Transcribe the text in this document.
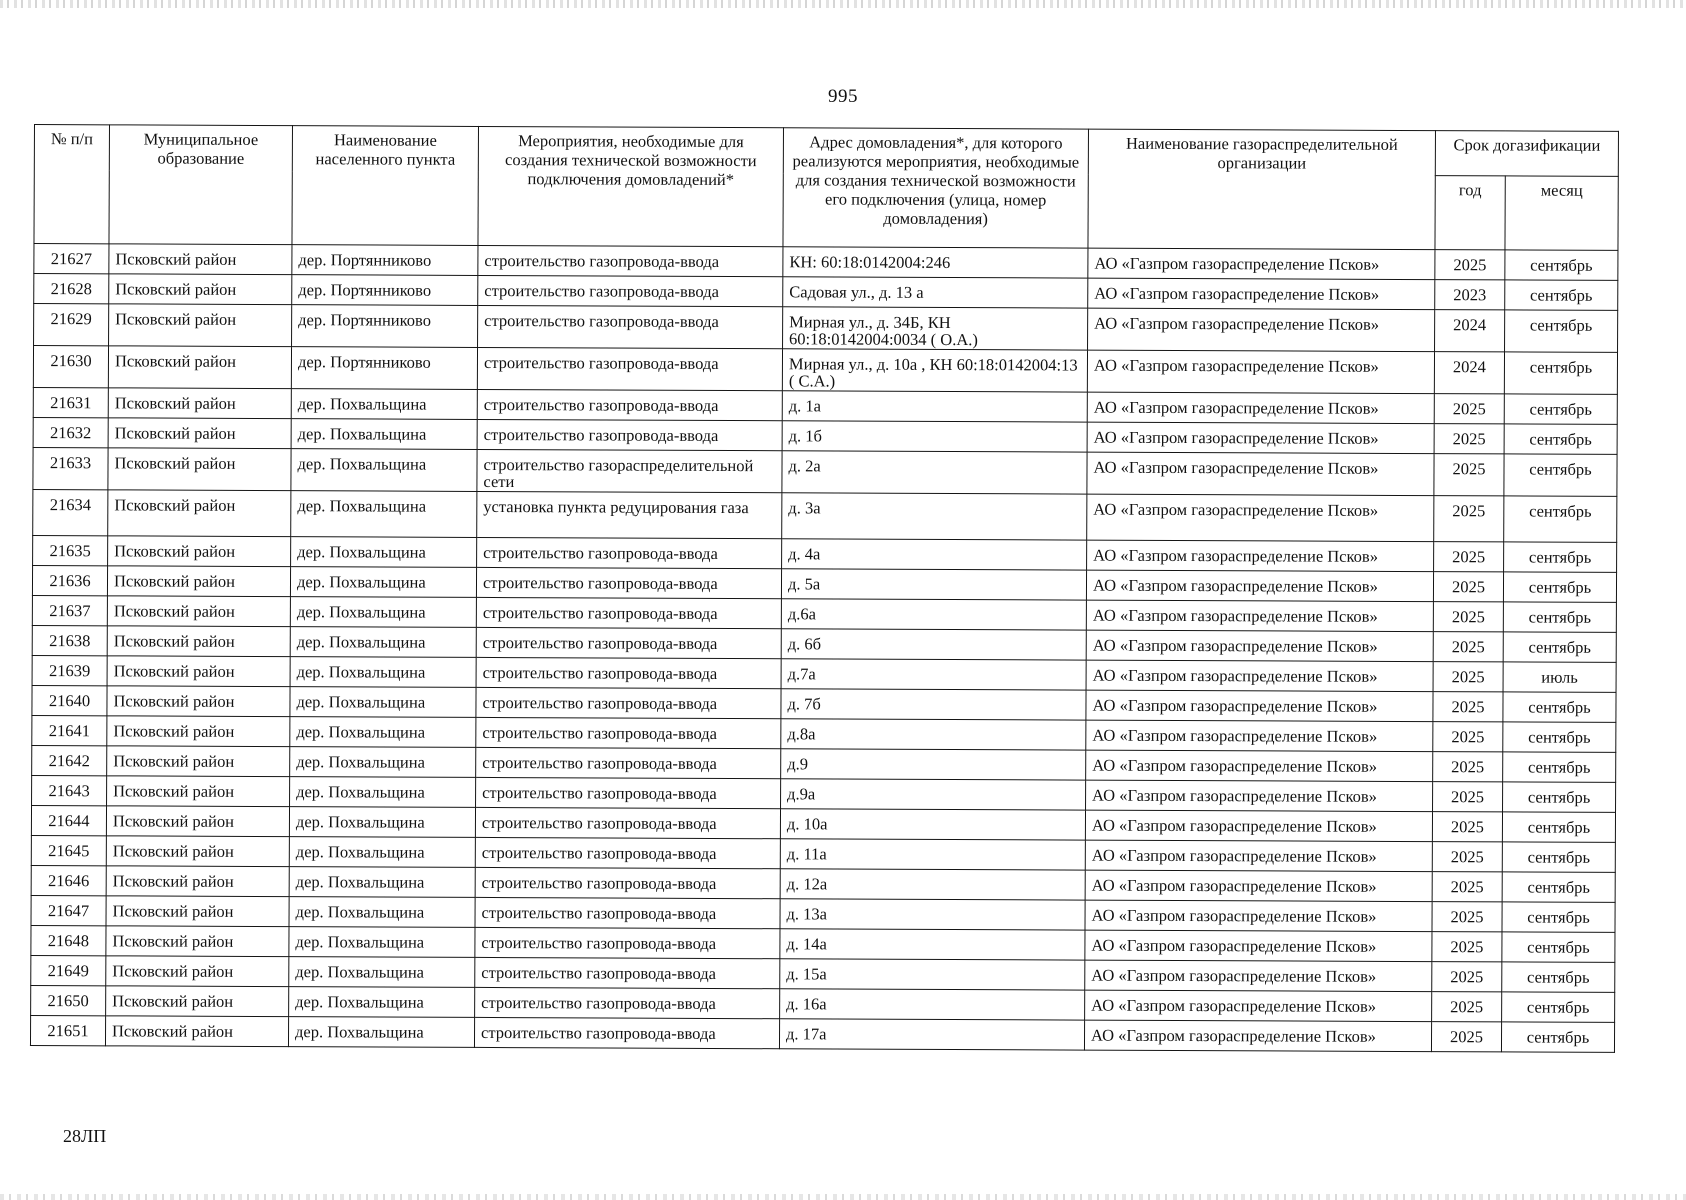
995
№ п/п	Муниципальное образование	Наименование населенного пункта	Мероприятия, необходимые для создания технической возможности подключения домовладений*	Адрес домовладения*, для которого реализуются мероприятия, необходимые для создания технической возможности его подключения (улица, номер домовладения)	Наименование газораспределительной организации	Срок догазификации	
						год	месяц
21627	Псковский район	дер. Портянниково	строительство газопровода-ввода	КН: 60:18:0142004:246	АО «Газпром газораспределение Псков»	2025	сентябрь
21628	Псковский район	дер. Портянниково	строительство газопровода-ввода	Садовая ул., д. 13 а	АО «Газпром газораспределение Псков»	2023	сентябрь
21629	Псковский район	дер. Портянниково	строительство газопровода-ввода	Мирная ул., д. 34Б, КН 60:18:0142004:0034 ( О.А.)	АО «Газпром газораспределение Псков»	2024	сентябрь
21630	Псковский район	дер. Портянниково	строительство газопровода-ввода	Мирная ул., д. 10а , КН 60:18:0142004:13 ( С.А.)	АО «Газпром газораспределение Псков»	2024	сентябрь
21631	Псковский район	дер. Похвальщина	строительство газопровода-ввода	д. 1а	АО «Газпром газораспределение Псков»	2025	сентябрь
21632	Псковский район	дер. Похвальщина	строительство газопровода-ввода	д. 1б	АО «Газпром газораспределение Псков»	2025	сентябрь
21633	Псковский район	дер. Похвальщина	строительство газораспределительной сети	д. 2а	АО «Газпром газораспределение Псков»	2025	сентябрь
21634	Псковский район	дер. Похвальщина	установка пункта редуцирования газа	д. 3а	АО «Газпром газораспределение Псков»	2025	сентябрь
21635	Псковский район	дер. Похвальщина	строительство газопровода-ввода	д. 4а	АО «Газпром газораспределение Псков»	2025	сентябрь
21636	Псковский район	дер. Похвальщина	строительство газопровода-ввода	д. 5а	АО «Газпром газораспределение Псков»	2025	сентябрь
21637	Псковский район	дер. Похвальщина	строительство газопровода-ввода	д.6а	АО «Газпром газораспределение Псков»	2025	сентябрь
21638	Псковский район	дер. Похвальщина	строительство газопровода-ввода	д. 6б	АО «Газпром газораспределение Псков»	2025	сентябрь
21639	Псковский район	дер. Похвальщина	строительство газопровода-ввода	д.7а	АО «Газпром газораспределение Псков»	2025	июль
21640	Псковский район	дер. Похвальщина	строительство газопровода-ввода	д. 7б	АО «Газпром газораспределение Псков»	2025	сентябрь
21641	Псковский район	дер. Похвальщина	строительство газопровода-ввода	д.8а	АО «Газпром газораспределение Псков»	2025	сентябрь
21642	Псковский район	дер. Похвальщина	строительство газопровода-ввода	д.9	АО «Газпром газораспределение Псков»	2025	сентябрь
21643	Псковский район	дер. Похвальщина	строительство газопровода-ввода	д.9а	АО «Газпром газораспределение Псков»	2025	сентябрь
21644	Псковский район	дер. Похвальщина	строительство газопровода-ввода	д. 10а	АО «Газпром газораспределение Псков»	2025	сентябрь
21645	Псковский район	дер. Похвальщина	строительство газопровода-ввода	д. 11а	АО «Газпром газораспределение Псков»	2025	сентябрь
21646	Псковский район	дер. Похвальщина	строительство газопровода-ввода	д. 12а	АО «Газпром газораспределение Псков»	2025	сентябрь
21647	Псковский район	дер. Похвальщина	строительство газопровода-ввода	д. 13а	АО «Газпром газораспределение Псков»	2025	сентябрь
21648	Псковский район	дер. Похвальщина	строительство газопровода-ввода	д. 14а	АО «Газпром газораспределение Псков»	2025	сентябрь
21649	Псковский район	дер. Похвальщина	строительство газопровода-ввода	д. 15а	АО «Газпром газораспределение Псков»	2025	сентябрь
21650	Псковский район	дер. Похвальщина	строительство газопровода-ввода	д. 16а	АО «Газпром газораспределение Псков»	2025	сентябрь
21651	Псковский район	дер. Похвальщина	строительство газопровода-ввода	д. 17а	АО «Газпром газораспределение Псков»	2025	сентябрь
28ЛП
